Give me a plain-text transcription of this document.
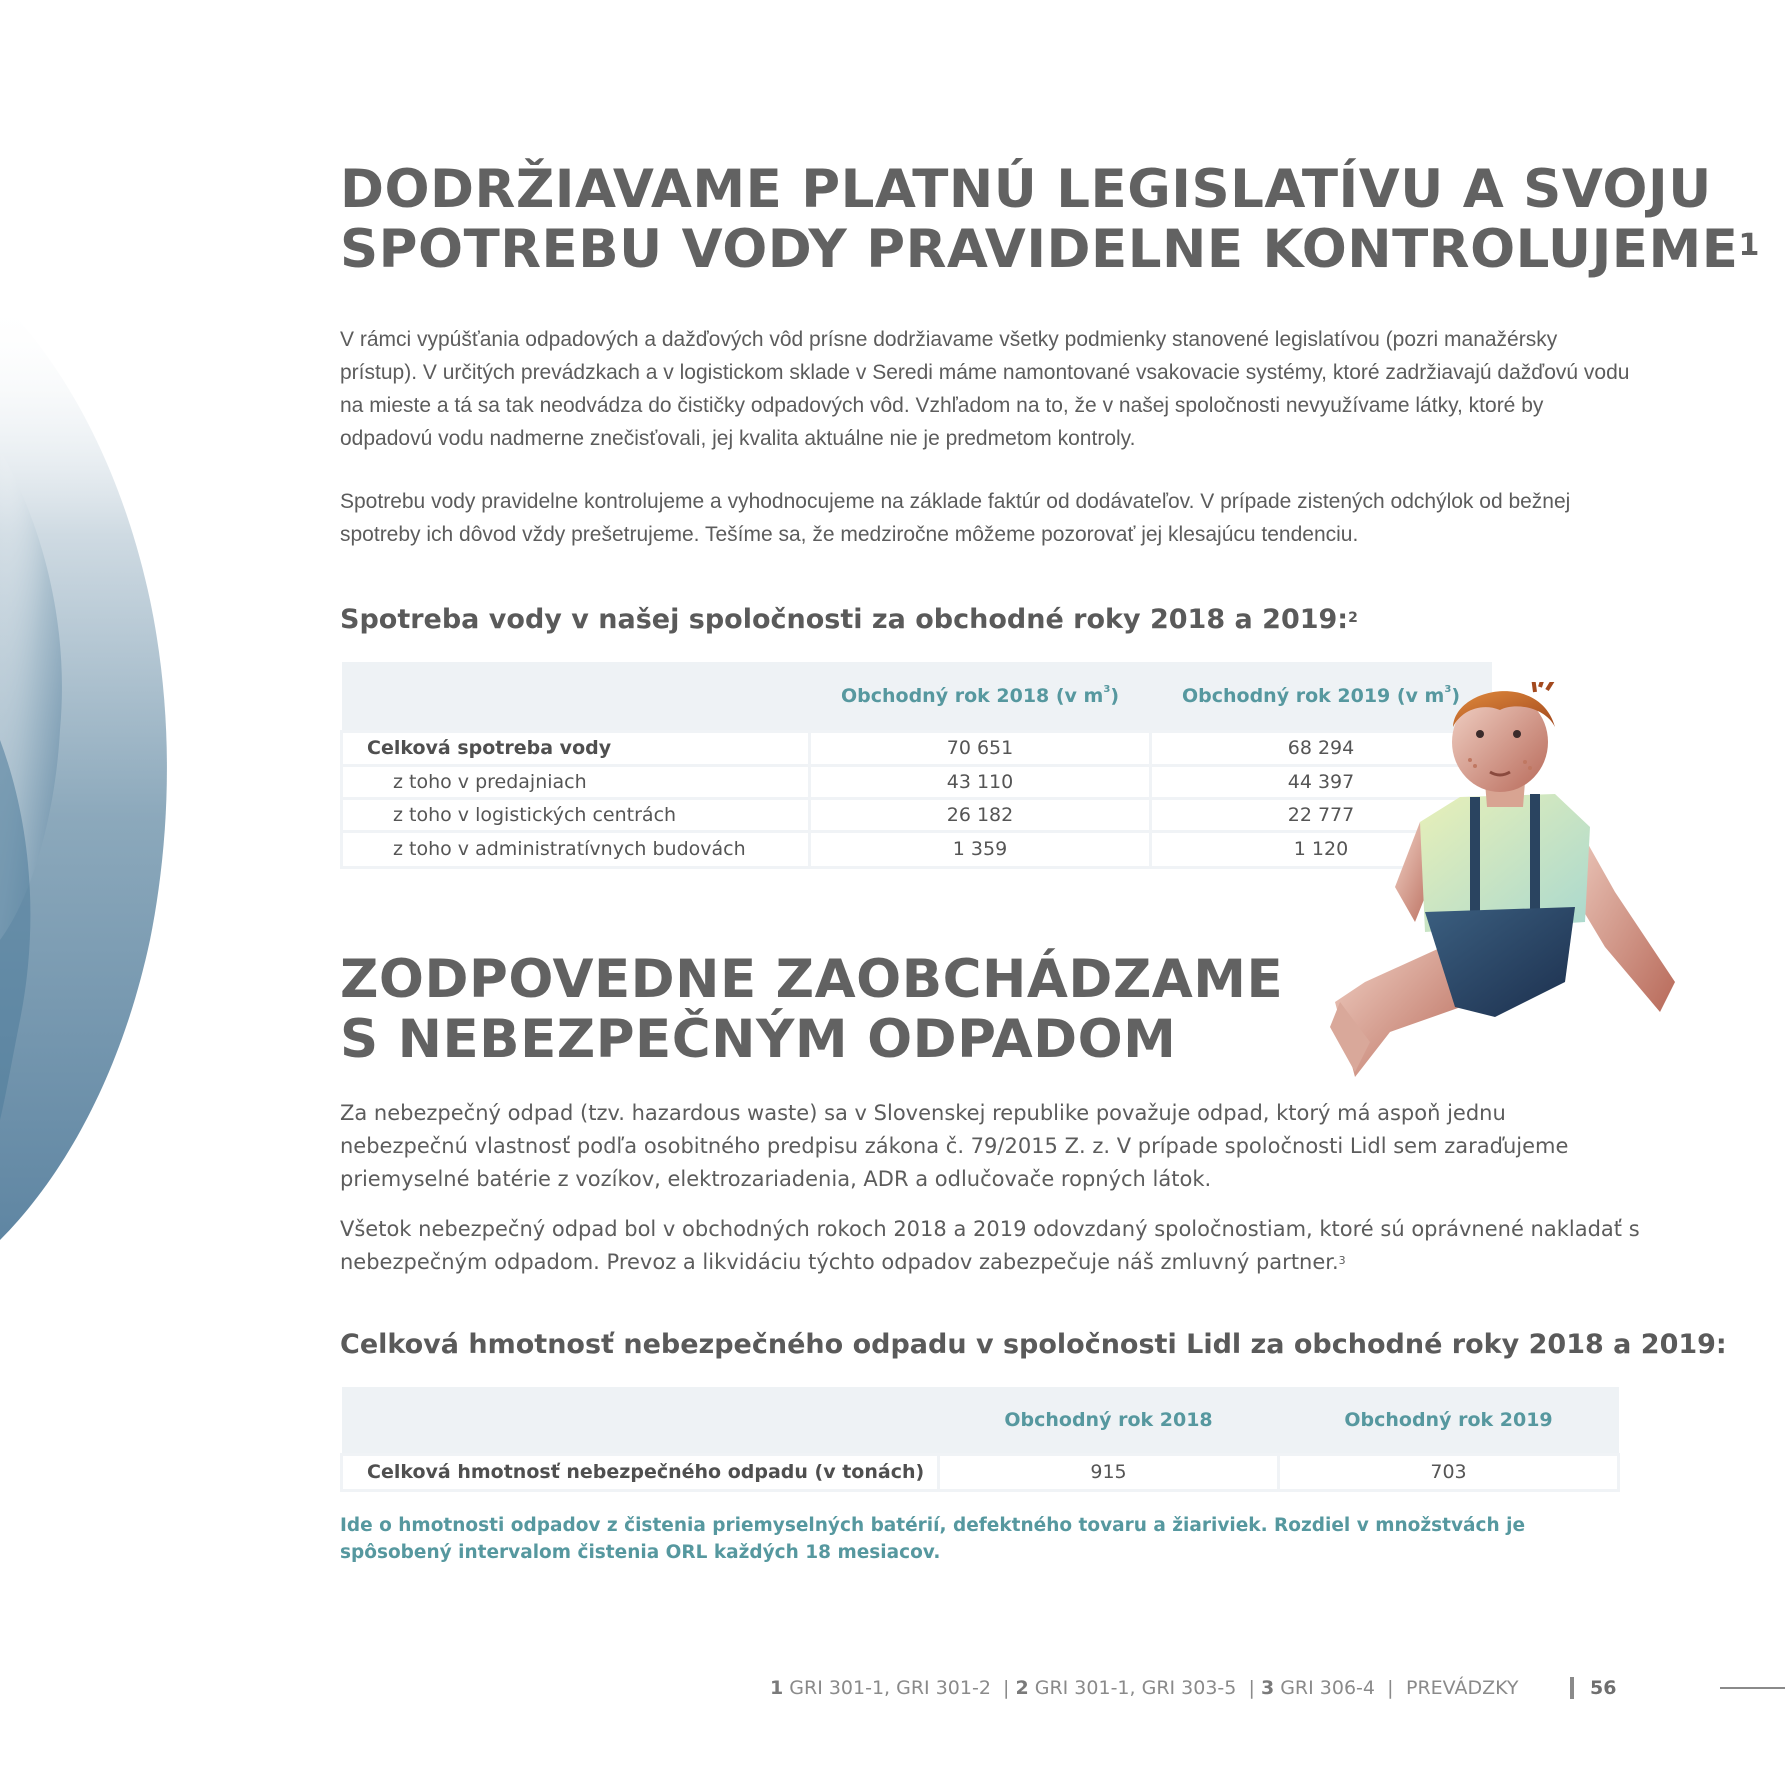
DODRŽIAVAME PLATNÚ LEGISLATÍVU A SVOJU
SPOTREBU VODY PRAVIDELNE KONTROLUJEME$^1$

V rámci vypúšťania odpadových a dažďových vôd prísne dodržiavame všetky podmienky stanovené legislatívou (pozri manažérsky prístup). V určitých prevádzkach a v logistickom sklade v Seredi máme namontované vsakovacie systémy, ktoré zadržiavajú dažďovú vodu na mieste a tá sa tak neodvádza do čističky odpadových vôd. Vzhľadom na to, že v našej spoločnosti nevyužívame látky, ktoré by odpadovú vodu nadmerne znečisťovali, jej kvalita aktuálne nie je predmetom kontroly.

Spotrebu vody pravidelne kontrolujeme a vyhodnocujeme na základe faktúr od dodávateľov. V prípade zistených odchýlok od bežnej spotreby ich dôvod vždy prešetrujeme. Tešíme sa, že medziročne môžeme pozorovať jej klesajúcu tendenciu.

Spotreba vody v našej spoločnosti za obchodné roky 2018 a 2019:$^2$
	Obchodný rok 2018 (v $m^3$)	Obchodný rok 2019 (v $m^3$)
Celková spotreba vody	70 651	68 294
z toho v predajniach	43 110	44 397
z toho v logistických centrách	26 182	22 777
z toho v administratívnych budovách	1 359	1 120
ZODPOVEDNE ZAOBCHÁDZAME
S NEBEZPEČNÝM ODPADOM

Za nebezpečný odpad (tzv. hazardous waste) sa v Slovenskej republike považuje odpad, ktorý má aspoň jednu nebezpečnú vlastnosť podľa osobitného predpisu zákona č. 79/2015 Z. z. V prípade spoločnosti Lidl sem zaraďujeme priemyselné batérie z vozíkov, elektrozariadenia, ADR a odlučovače ropných látok.

Všetok nebezpečný odpad bol v obchodných rokoch 2018 a 2019 odovzdaný spoločnostiam, ktoré sú oprávnené nakladať s nebezpečným odpadom. Prevoz a likvidáciu týchto odpadov zabezpečuje náš zmluvný partner.$^3$

Celková hmotnosť nebezpečného odpadu v spoločnosti Lidl za obchodné roky 2018 a 2019:
	Obchodný rok 2018	Obchodný rok 2019
Celková hmotnosť nebezpečného odpadu (v tonách)	915	703

Ide o hmotnosti odpadov z čistenia priemyselných batérií, defektného tovaru a žiariviek. Rozdiel v množstvách je spôsobený intervalom čistenia ORL každých 18 mesiacov.

1 GRI 301-1, GRI 301-2 | 2 GRI 301-1, GRI 303-5 | 3 GRI 306-4 | PREVÁDZKY	56
